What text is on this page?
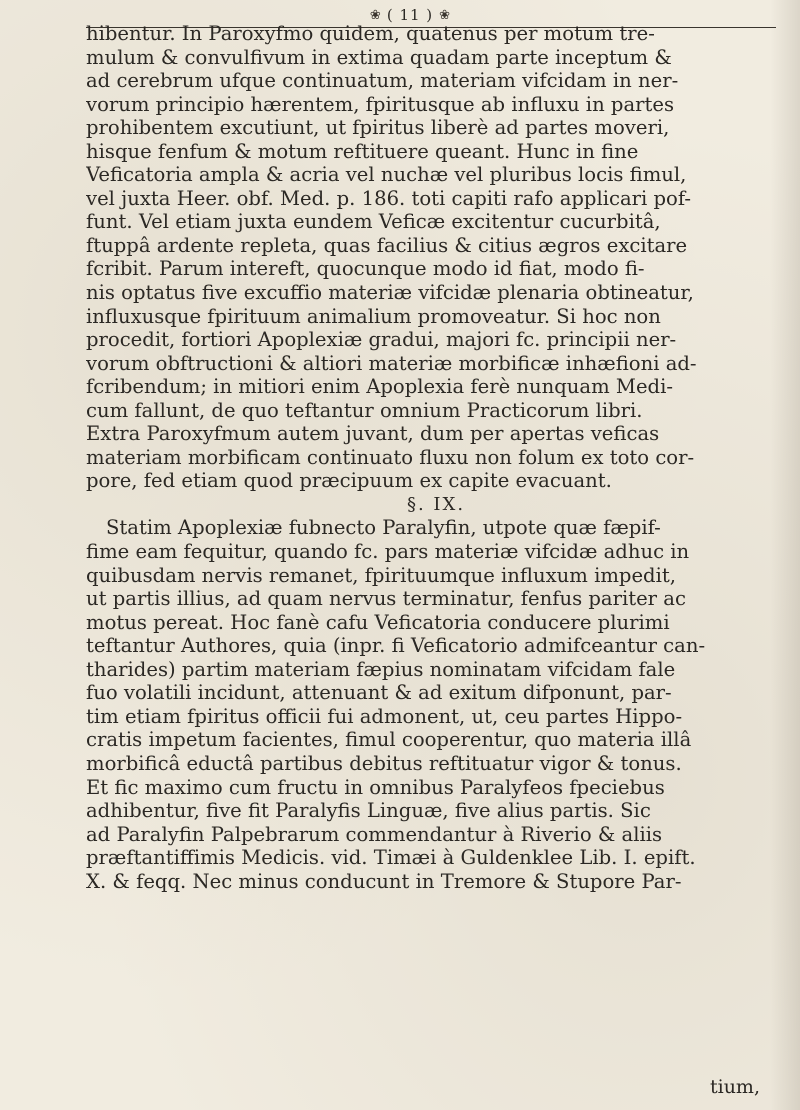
❀ ( 11 ) ❀
hibentur. In Paroxyfmo quidem, quatenus per motum tre-
mulum & convulfivum in extima quadam parte inceptum &
ad cerebrum ufque continuatum, materiam vifcidam in ner-
vorum principio hærentem, fpiritusque ab influxu in partes
prohibentem excutiunt, ut fpiritus liberè ad partes moveri,
hisque fenfum & motum reftituere queant. Hunc in fine
Veficatoria ampla & acria vel nuchæ vel pluribus locis fimul,
vel juxta Heer. obf. Med. p. 186. toti capiti rafo applicari pof-
funt. Vel etiam juxta eundem Veficæ excitentur cucurbitâ,
ftuppâ ardente repleta, quas facilius & citius ægros excitare
fcribit. Parum intereft, quocunque modo id fiat, modo fi-
nis optatus five excuffio materiæ vifcidæ plenaria obtineatur,
influxusque fpirituum animalium promoveatur. Si hoc non
procedit, fortiori Apoplexiæ gradui, majori fc. principii ner-
vorum obftructioni & altiori materiæ morbificæ inhæfioni ad-
fcribendum; in mitiori enim Apoplexia ferè nunquam Medi-
cum fallunt, de quo teftantur omnium Practicorum libri.
Extra Paroxyfmum autem juvant, dum per apertas veficas
materiam morbificam continuato fluxu non folum ex toto cor-
pore, fed etiam quod præcipuum ex capite evacuant.
§. IX.
Statim Apoplexiæ fubnecto Paralyfin, utpote quæ fæpif-
fime eam fequitur, quando fc. pars materiæ vifcidæ adhuc in
quibusdam nervis remanet, fpirituumque influxum impedit,
ut partis illius, ad quam nervus terminatur, fenfus pariter ac
motus pereat. Hoc fanè cafu Veficatoria conducere plurimi
teftantur Authores, quia (inpr. fi Veficatorio admifceantur can-
tharides) partim materiam fæpius nominatam vifcidam fale
fuo volatili incidunt, attenuant & ad exitum difponunt, par-
tim etiam fpiritus officii fui admonent, ut, ceu partes Hippo-
cratis impetum facientes, fimul cooperentur, quo materia illâ
morbificâ eductâ partibus debitus reftituatur vigor & tonus.
Et fic maximo cum fructu in omnibus Paralyfeos fpeciebus
adhibentur, five fit Paralyfis Linguæ, five alius partis. Sic
ad Paralyfin Palpebrarum commendantur à Riverio & aliis
præftantiffimis Medicis. vid. Timæi à Guldenklee Lib. I. epift.
X. & feqq. Nec minus conducunt in Tremore & Stupore Par-
tium,
